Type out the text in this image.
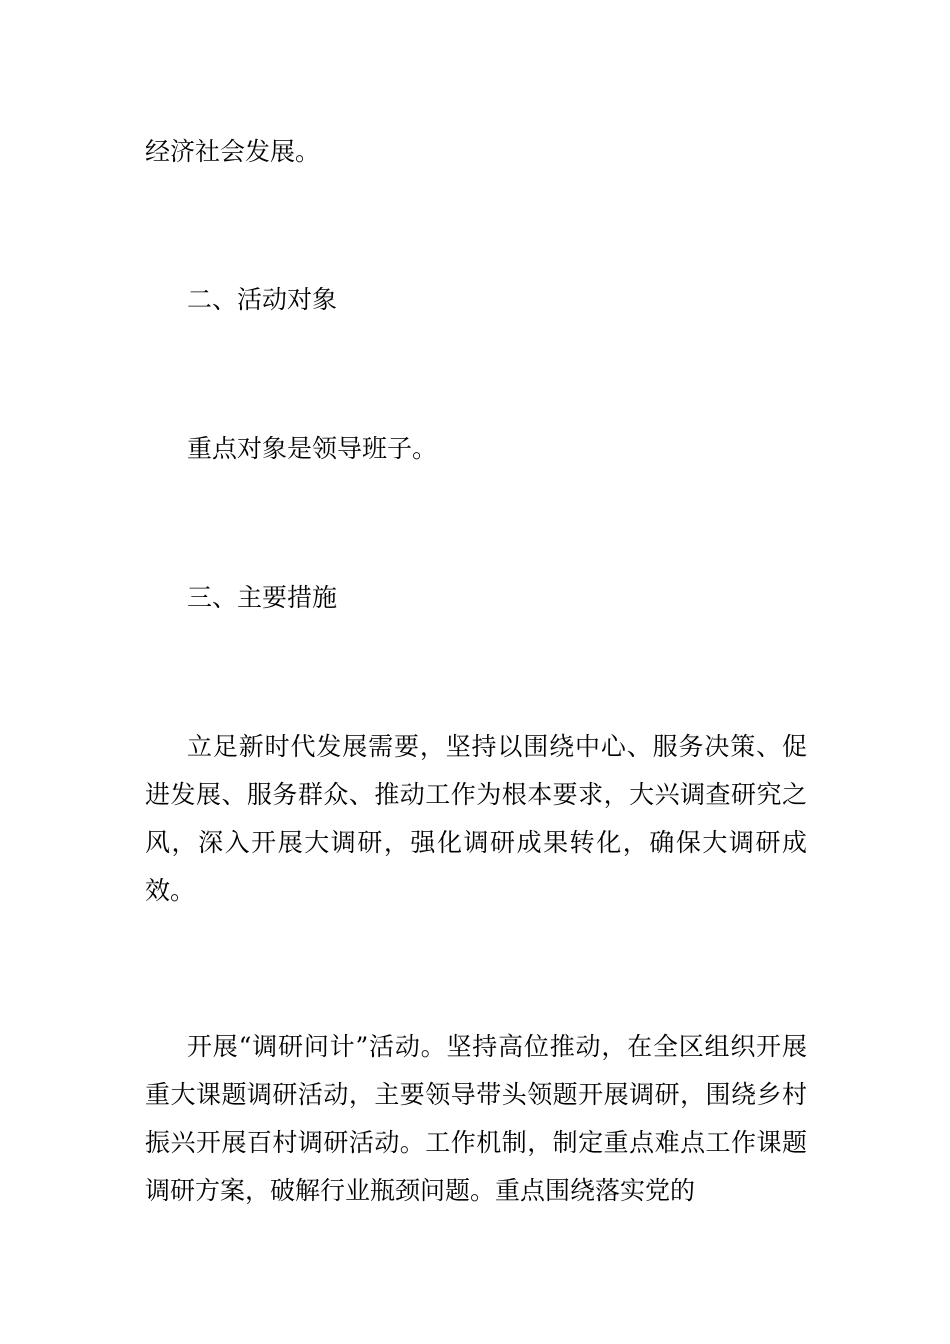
经济社会发展。

二、活动对象

重点对象是领导班子。

三、主要措施

立足新时代发展需要，坚持以围绕中心、服务决策、促进发展、服务群众、推动工作为根本要求，大兴调查研究之风，深入开展大调研，强化调研成果转化，确保大调研成效。

开展“调研问计”活动。坚持高位推动，在全区组织开展重大课题调研活动，主要领导带头领题开展调研，围绕乡村振兴开展百村调研活动。工作机制，制定重点难点工作课题调研方案，破解行业瓶颈问题。重点围绕落实党的
